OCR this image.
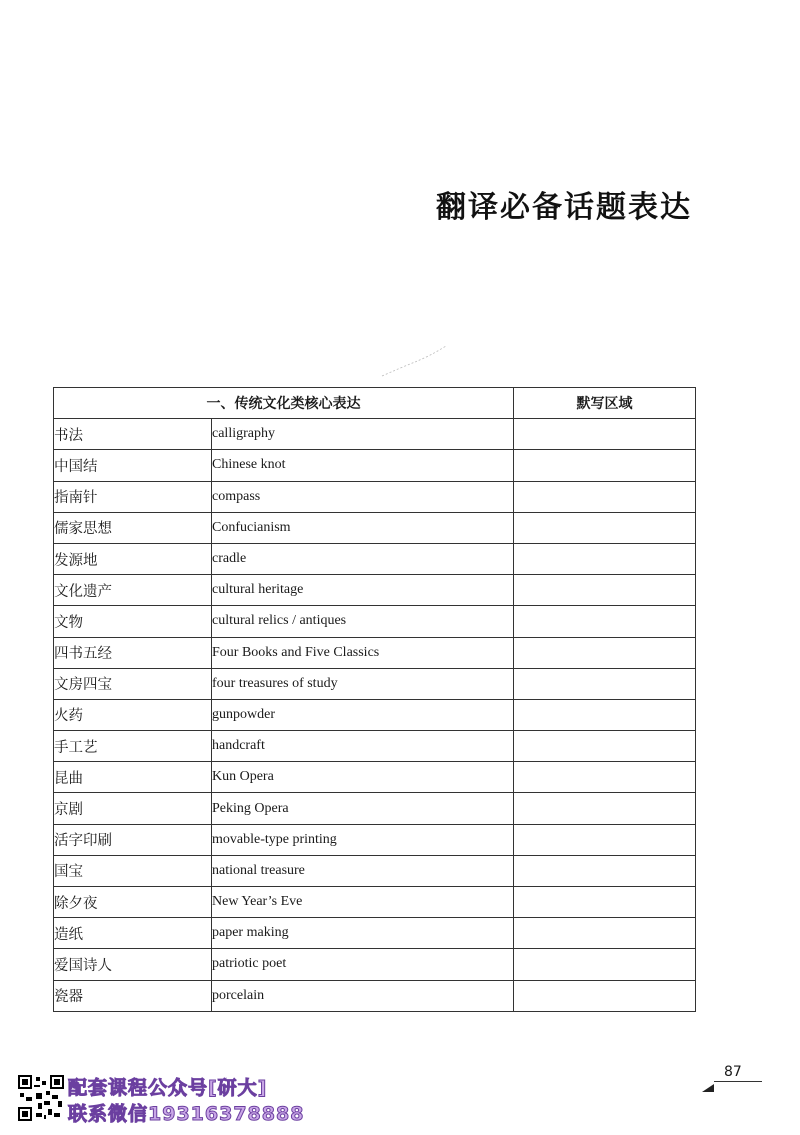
翻译必备话题表达
一、传统文化类核心表达		默写区域
书法	calligraphy	
中国结	Chinese knot	
指南针	compass	
儒家思想	Confucianism	
发源地	cradle	
文化遗产	cultural heritage	
文物	cultural relics / antiques	
四书五经	Four Books and Five Classics	
文房四宝	four treasures of study	
火药	gunpowder	
手工艺	handcraft	
昆曲	Kun Opera	
京剧	Peking Opera	
活字印刷	movable-type printing	
国宝	national treasure	
除夕夜	New Year’s Eve	
造纸	paper making	
爱国诗人	patriotic poet	
瓷器	porcelain	
87
配套课程公众号[研大]
联系微信19316378888
